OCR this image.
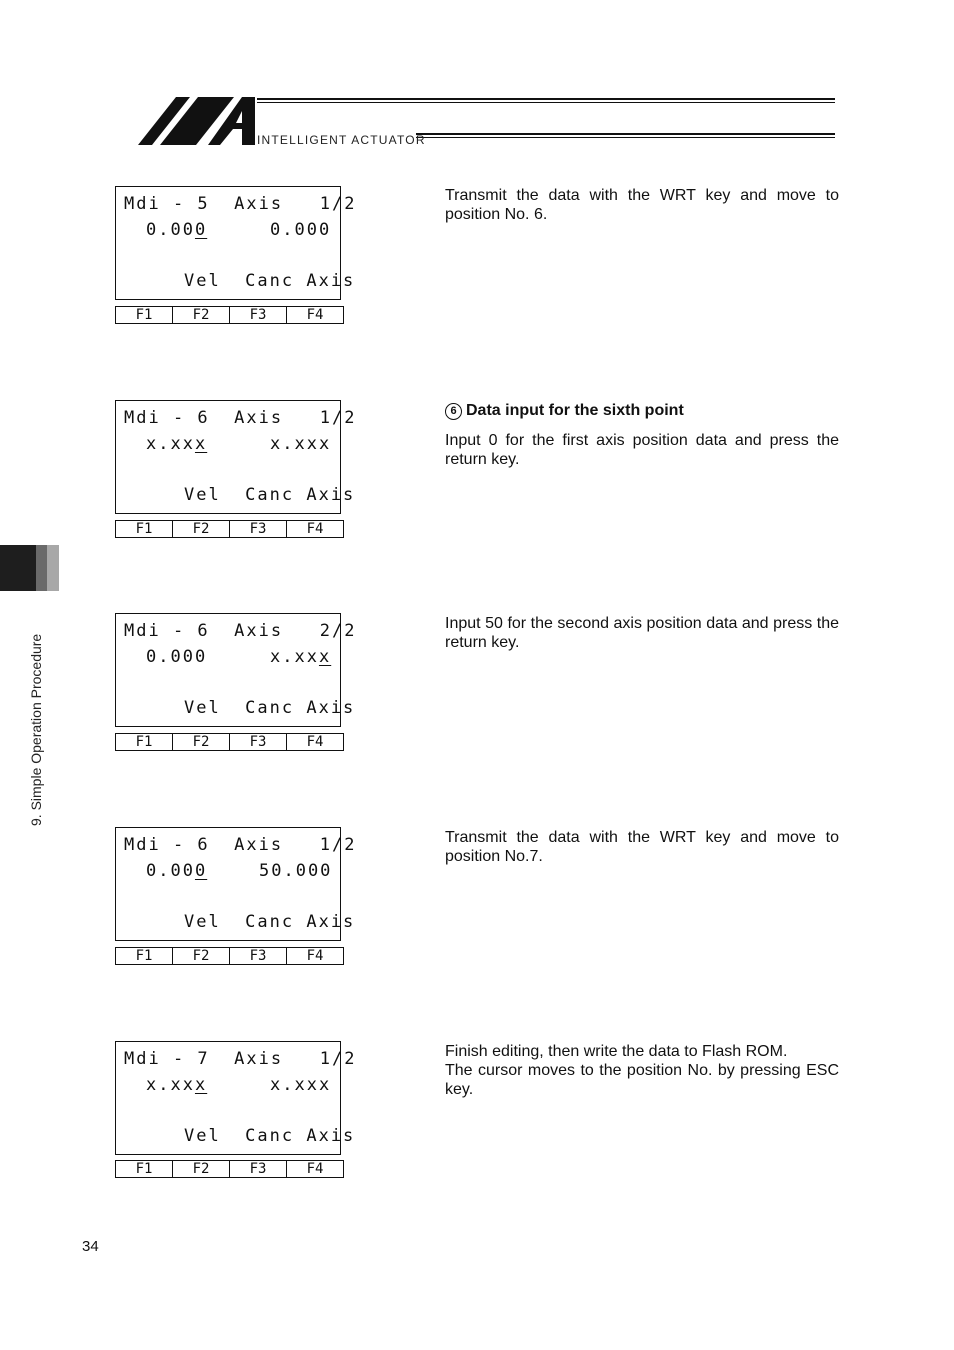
INTELLIGENT ACTUATOR
9. Simple Operation Procedure
Mdi - 5  Axis   1/2
0.000	0.000
Vel  Canc Axis
F1	F2	F3	F4
Mdi - 6  Axis   1/2
x.xxx	x.xxx
Vel  Canc Axis
F1	F2	F3	F4
Mdi - 6  Axis   2/2
0.000	x.xxx
Vel  Canc Axis
F1	F2	F3	F4
Mdi - 6  Axis   1/2
0.000	50.000
Vel  Canc Axis
F1	F2	F3	F4
Mdi - 7  Axis   1/2
x.xxx	x.xxx
Vel  Canc Axis
F1	F2	F3	F4

Transmit the data with the WRT key and move to position No. 6.

6 Data input for the sixth point

Input 0 for the first axis position data and press the return key.

Input 50 for the second axis position data and press the return key.

Transmit the data with the WRT key and move to position No.7.

Finish editing, then write the data to Flash ROM.

The cursor moves to the position No. by pressing ESC key.

34
